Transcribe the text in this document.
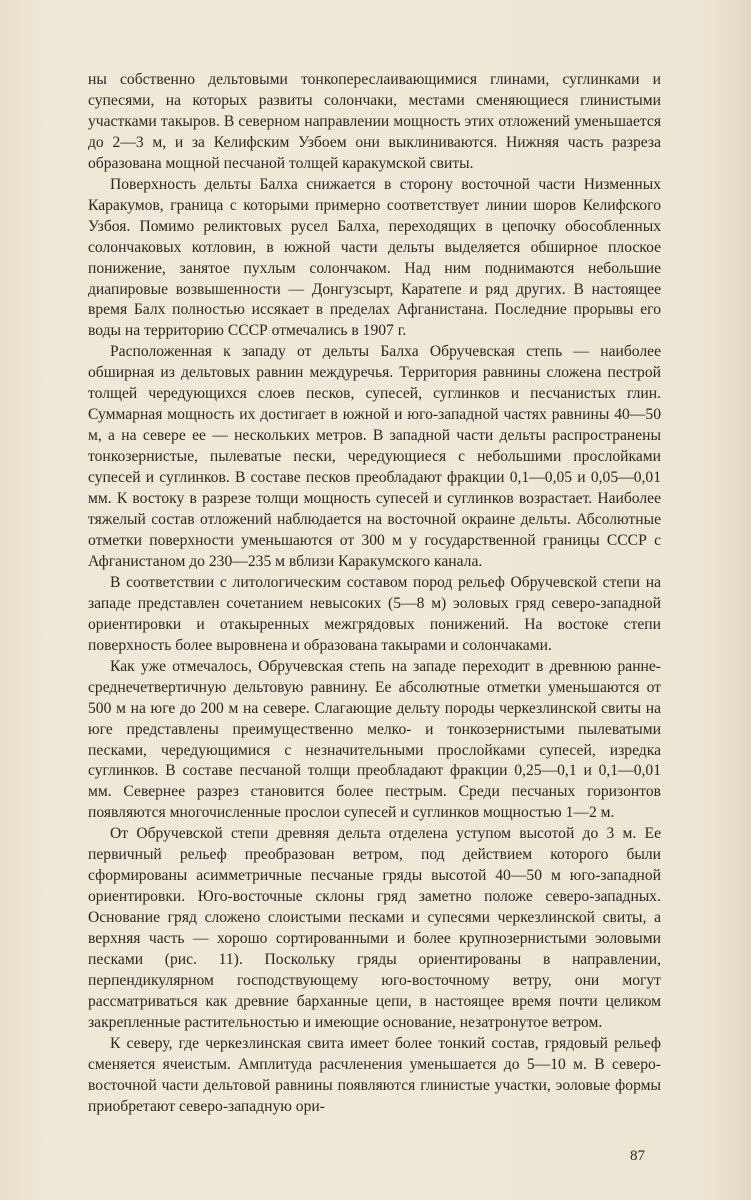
ны собственно дельтовыми тонкопереслаивающимися глинами, суглинками и супесями, на которых развиты солончаки, местами сменяющиеся глинистыми участками такыров. В северном направлении мощность этих отложений уменьшается до 2—3 м, и за Келифским Узбоем они выклиниваются. Нижняя часть разреза образована мощной песчаной толщей каракумской свиты.

Поверхность дельты Балха снижается в сторону восточной части Низменных Каракумов, граница с которыми примерно соответствует линии шоров Келифского Узбоя. Помимо реликтовых русел Балха, переходящих в цепочку обособленных солончаковых котловин, в южной части дельты выделяется обширное плоское понижение, занятое пухлым солончаком. Над ним поднимаются небольшие диапировые возвышенности — Донгузсырт, Каратепе и ряд других. В настоящее время Балх полностью иссякает в пределах Афганистана. Последние прорывы его воды на территорию СССР отмечались в 1907 г.

Расположенная к западу от дельты Балха Обручевская степь — наиболее обширная из дельтовых равнин междуречья. Территория равнины сложена пестрой толщей чередующихся слоев песков, супесей, суглинков и песчанистых глин. Суммарная мощность их достигает в южной и юго-западной частях равнины 40—50 м, а на севере ее — нескольких метров. В западной части дельты распространены тонкозернистые, пылеватые пески, чередующиеся с небольшими прослойками супесей и суглинков. В составе песков преобладают фракции 0,1—0,05 и 0,05—0,01 мм. К востоку в разрезе толщи мощность супесей и суглинков возрастает. Наиболее тяжелый состав отложений наблюдается на восточной окраине дельты. Абсолютные отметки поверхности уменьшаются от 300 м у государственной границы СССР с Афганистаном до 230—235 м вблизи Каракумского канала.

В соответствии с литологическим составом пород рельеф Обручевской степи на западе представлен сочетанием невысоких (5—8 м) эоловых гряд северо-западной ориентировки и отакыренных межгрядовых понижений. На востоке степи поверхность более выровнена и образована такырами и солончаками.

Как уже отмечалось, Обручевская степь на западе переходит в древнюю ранне-среднечетвертичную дельтовую равнину. Ее абсолютные отметки уменьшаются от 500 м на юге до 200 м на севере. Слагающие дельту породы черкезлинской свиты на юге представлены преимущественно мелко- и тонкозернистыми пылеватыми песками, чередующимися с незначительными прослойками супесей, изредка суглинков. В составе песчаной толщи преобладают фракции 0,25—0,1 и 0,1—0,01 мм. Севернее разрез становится более пестрым. Среди песчаных горизонтов появляются многочисленные прослои супесей и суглинков мощностью 1—2 м.

От Обручевской степи древняя дельта отделена уступом высотой до 3 м. Ее первичный рельеф преобразован ветром, под действием которого были сформированы асимметричные песчаные гряды высотой 40—50 м юго-западной ориентировки. Юго-восточные склоны гряд заметно положе северо-западных. Основание гряд сложено слоистыми песками и супесями черкезлинской свиты, а верхняя часть — хорошо сортированными и более крупнозернистыми эоловыми песками (рис. 11). Поскольку гряды ориентированы в направлении, перпендикулярном господствующему юго-восточному ветру, они могут рассматриваться как древние барханные цепи, в настоящее время почти целиком закрепленные растительностью и имеющие основание, незатронутое ветром.

К северу, где черкезлинская свита имеет более тонкий состав, грядовый рельеф сменяется ячеистым. Амплитуда расчленения уменьшается до 5—10 м. В северо-восточной части дельтовой равнины появляются глинистые участки, эоловые формы приобретают северо-западную ори-

87
